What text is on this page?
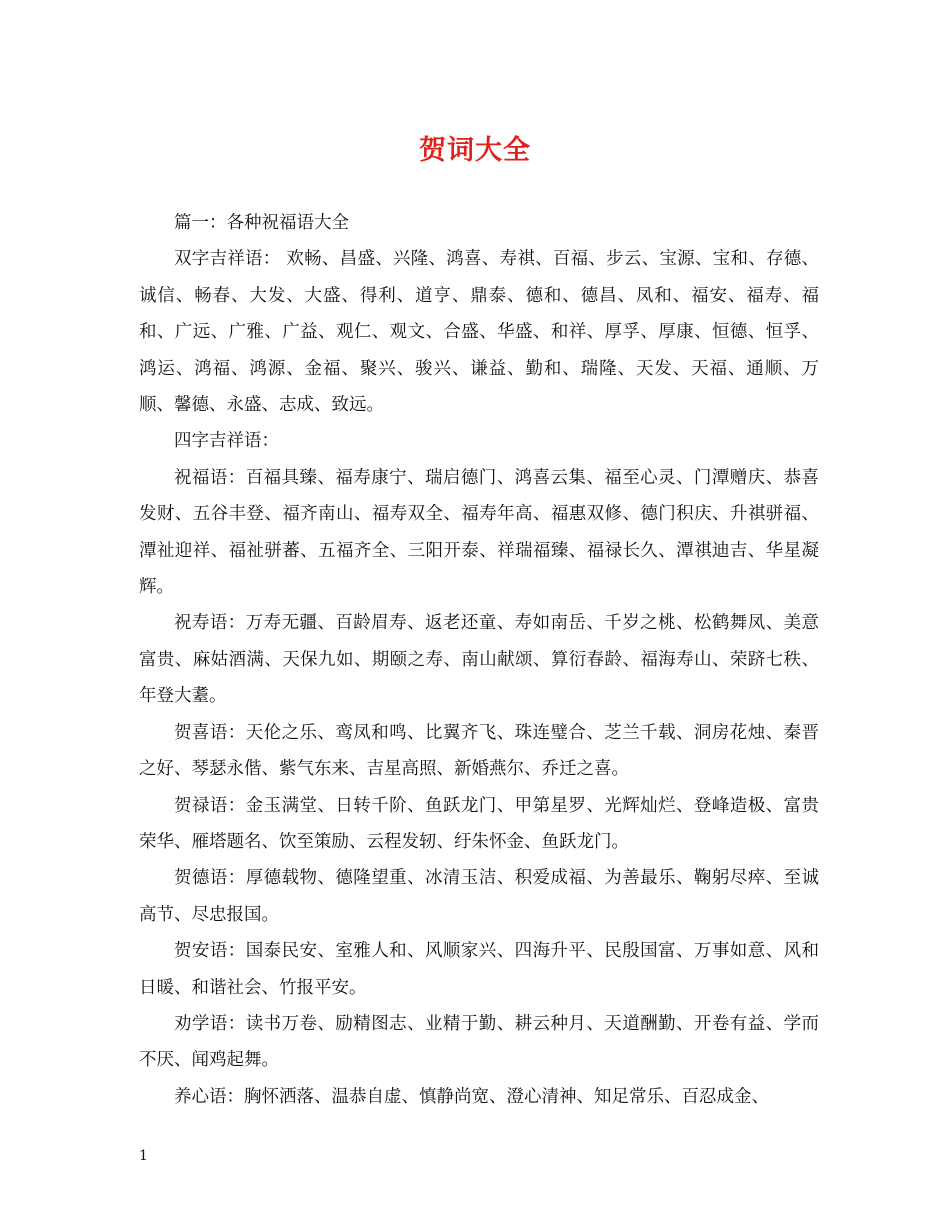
贺词大全

篇一：各种祝福语大全

双字吉祥语： 欢畅、昌盛、兴隆、鸿喜、寿祺、百福、步云、宝源、宝和、存德、诚信、畅春、大发、大盛、得利、道亨、鼎泰、德和、德昌、凤和、福安、福寿、福和、广远、广雅、广益、观仁、观文、合盛、华盛、和祥、厚孚、厚康、恒德、恒孚、鸿运、鸿福、鸿源、金福、聚兴、骏兴、谦益、勤和、瑞隆、天发、天福、通顺、万顺、馨德、永盛、志成、致远。

四字吉祥语：

祝福语：百福具臻、福寿康宁、瑞启德门、鸿喜云集、福至心灵、门潭赠庆、恭喜发财、五谷丰登、福齐南山、福寿双全、福寿年高、福惠双修、德门积庆、升祺骈福、潭祉迎祥、福祉骈蕃、五福齐全、三阳开泰、祥瑞福臻、福禄长久、潭祺迪吉、华星凝辉。

祝寿语：万寿无疆、百龄眉寿、返老还童、寿如南岳、千岁之桃、松鹤舞凤、美意富贵、麻姑酒满、天保九如、期颐之寿、南山献颂、算衍春龄、福海寿山、荣跻七秩、年登大耋。

贺喜语：天伦之乐、鸾凤和鸣、比翼齐飞、珠连璧合、芝兰千载、洞房花烛、秦晋之好、琴瑟永偕、紫气东来、吉星高照、新婚燕尔、乔迁之喜。

贺禄语：金玉满堂、日转千阶、鱼跃龙门、甲第星罗、光辉灿烂、登峰造极、富贵荣华、雁塔题名、饮至策励、云程发轫、纡朱怀金、鱼跃龙门。

贺德语：厚德载物、德隆望重、冰清玉洁、积爱成福、为善最乐、鞠躬尽瘁、至诚高节、尽忠报国。

贺安语：国泰民安、室雅人和、风顺家兴、四海升平、民殷国富、万事如意、风和日暖、和谐社会、竹报平安。

劝学语：读书万卷、励精图志、业精于勤、耕云种月、天道酬勤、开卷有益、学而不厌、闻鸡起舞。

养心语：胸怀洒落、温恭自虚、慎静尚宽、澄心清神、知足常乐、百忍成金、

1
